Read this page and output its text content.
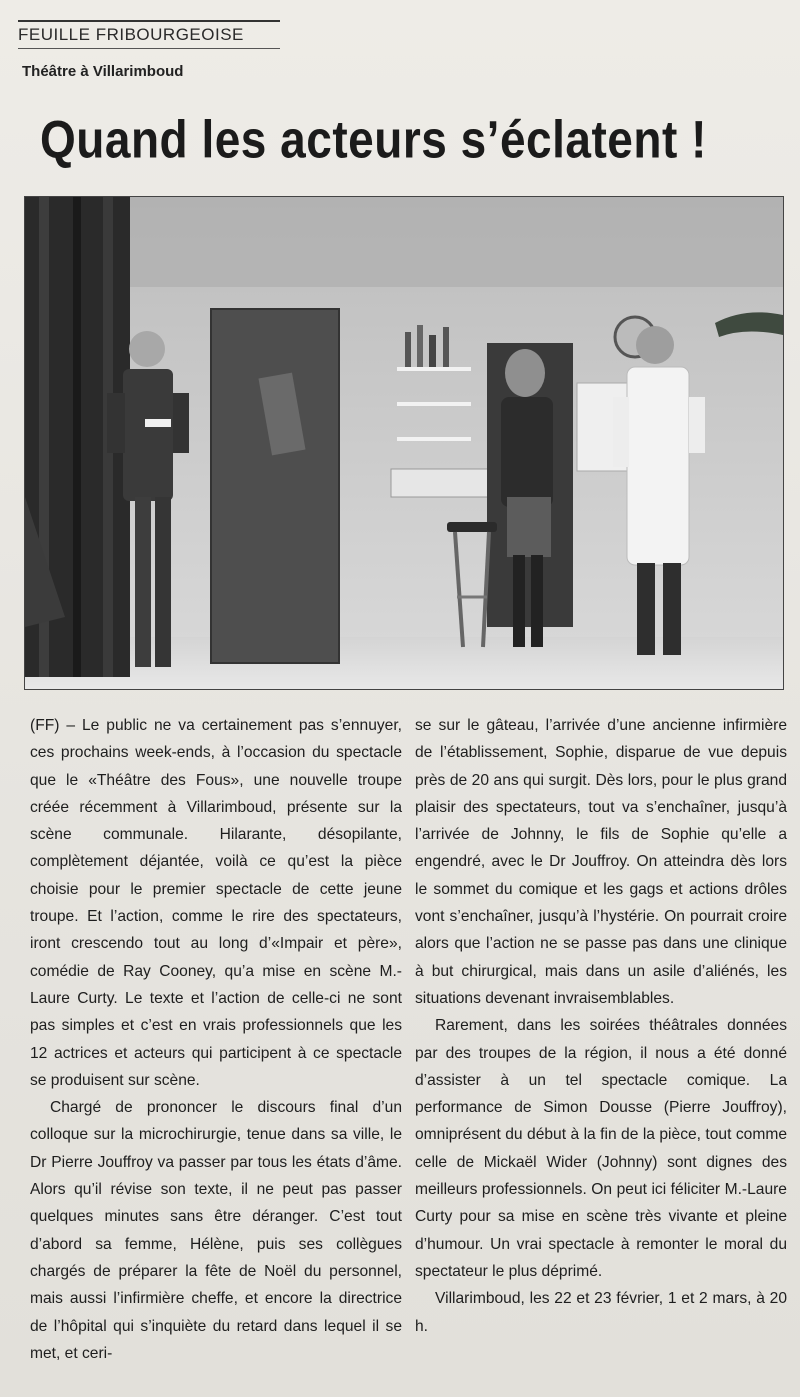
FEUILLE FRIBOURGEOISE
Théâtre à Villarimboud
Quand les acteurs s’éclatent !

(FF) – Le public ne va certainement pas s’ennuyer, ces prochains week-ends, à l’occasion du spectacle que le «Théâtre des Fous», une nouvelle troupe créée récemment à Villarimboud, présente sur la scène communale. Hilarante, désopilante, complètement déjantée, voilà ce qu’est la pièce choisie pour le premier spectacle de cette jeune troupe. Et l’action, comme le rire des spectateurs, iront crescendo tout au long d’«Impair et père», comédie de Ray Cooney, qu’a mise en scène M.-Laure Curty. Le texte et l’action de celle-ci ne sont pas simples et c’est en vrais professionnels que les 12 actrices et acteurs qui participent à ce spectacle se produisent sur scène.

Chargé de prononcer le discours final d’un colloque sur la microchirurgie, tenue dans sa ville, le Dr Pierre Jouffroy va passer par tous les états d’âme. Alors qu’il révise son texte, il ne peut pas passer quelques minutes sans être déranger. C’est tout d’abord sa femme, Hélène, puis ses collègues chargés de préparer la fête de Noël du personnel, mais aussi l’infirmière cheffe, et encore la directrice de l’hôpital qui s’inquiète du retard dans lequel il se met, et ceri-

se sur le gâteau, l’arrivée d’une ancienne infirmière de l’établissement, Sophie, disparue de vue depuis près de 20 ans qui surgit. Dès lors, pour le plus grand plaisir des spectateurs, tout va s’enchaîner, jusqu’à l’arrivée de Johnny, le fils de Sophie qu’elle a engendré, avec le Dr Jouffroy. On atteindra dès lors le sommet du comique et les gags et actions drôles vont s’enchaîner, jusqu’à l’hystérie. On pourrait croire alors que l’action ne se passe pas dans une clinique à but chirurgical, mais dans un asile d’aliénés, les situations devenant invraisemblables.

Rarement, dans les soirées théâtrales données par des troupes de la région, il nous a été donné d’assister à un tel spectacle comique. La performance de Simon Dousse (Pierre Jouffroy), omniprésent du début à la fin de la pièce, tout comme celle de Mickaël Wider (Johnny) sont dignes des meilleurs professionnels. On peut ici féliciter M.-Laure Curty pour sa mise en scène très vivante et pleine d’humour. Un vrai spectacle à remonter le moral du spectateur le plus déprimé.

Villarimboud, les 22 et 23 février, 1 et 2 mars, à 20 h.
